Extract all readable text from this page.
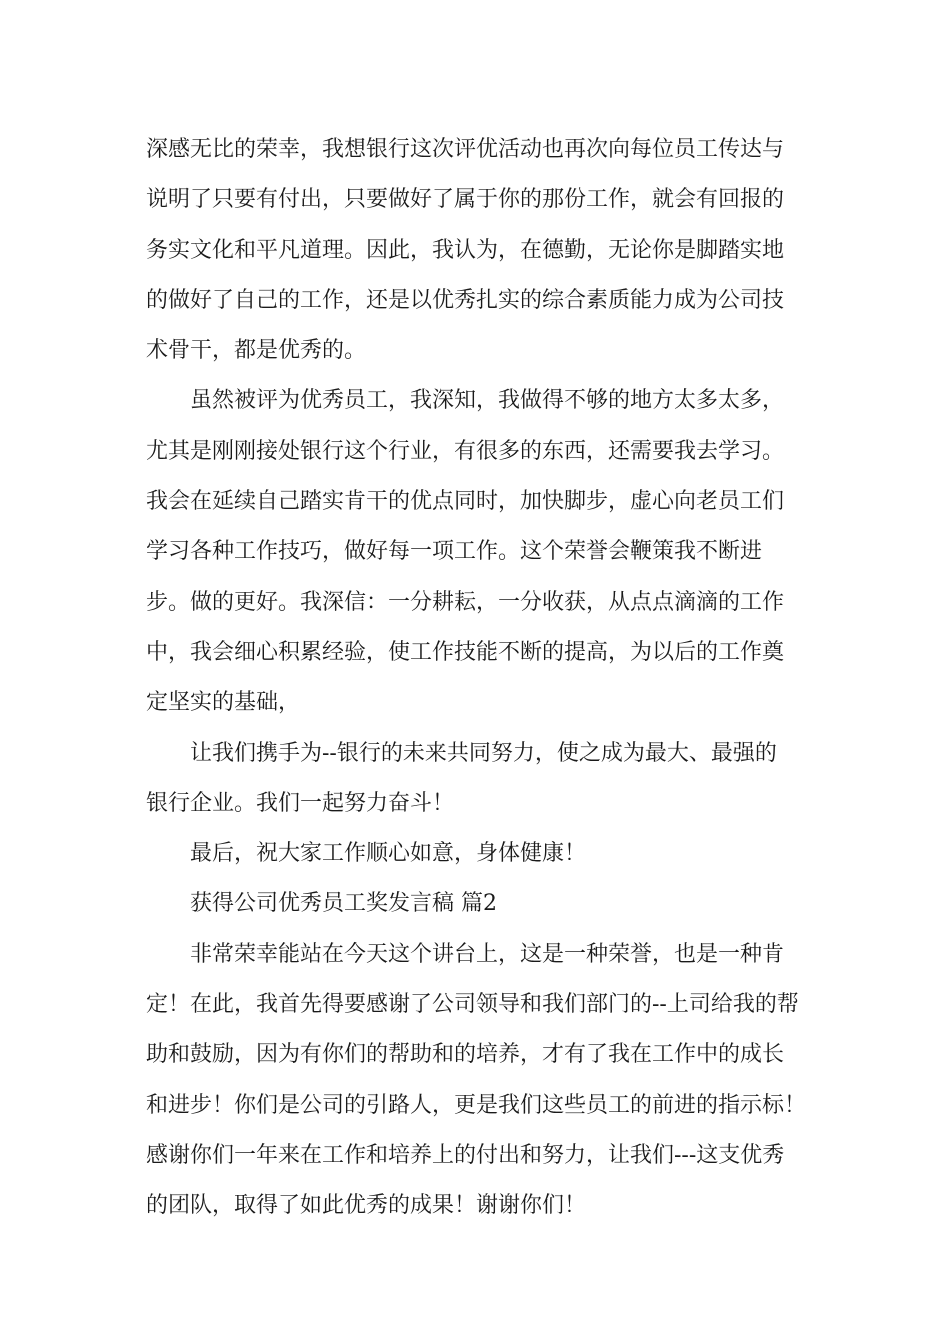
深感无比的荣幸，我想银行这次评优活动也再次向每位员工传达与
说明了只要有付出，只要做好了属于你的那份工作，就会有回报的
务实文化和平凡道理。因此，我认为，在德勤，无论你是脚踏实地
的做好了自己的工作，还是以优秀扎实的综合素质能力成为公司技
术骨干，都是优秀的。
虽然被评为优秀员工，我深知，我做得不够的地方太多太多，
尤其是刚刚接处银行这个行业，有很多的东西，还需要我去学习。
我会在延续自己踏实肯干的优点同时，加快脚步，虚心向老员工们
学习各种工作技巧，做好每一项工作。这个荣誉会鞭策我不断进
步。做的更好。我深信：一分耕耘，一分收获，从点点滴滴的工作
中，我会细心积累经验，使工作技能不断的提高，为以后的工作奠
定坚实的基础，
让我们携手为--银行的未来共同努力，使之成为最大、最强的
银行企业。我们一起努力奋斗！
最后，祝大家工作顺心如意，身体健康！
获得公司优秀员工奖发言稿 篇2
非常荣幸能站在今天这个讲台上，这是一种荣誉，也是一种肯
定！在此，我首先得要感谢了公司领导和我们部门的--上司给我的帮
助和鼓励，因为有你们的帮助和的培养，才有了我在工作中的成长
和进步！你们是公司的引路人，更是我们这些员工的前进的指示标！
感谢你们一年来在工作和培养上的付出和努力，让我们---这支优秀
的团队，取得了如此优秀的成果！谢谢你们！
